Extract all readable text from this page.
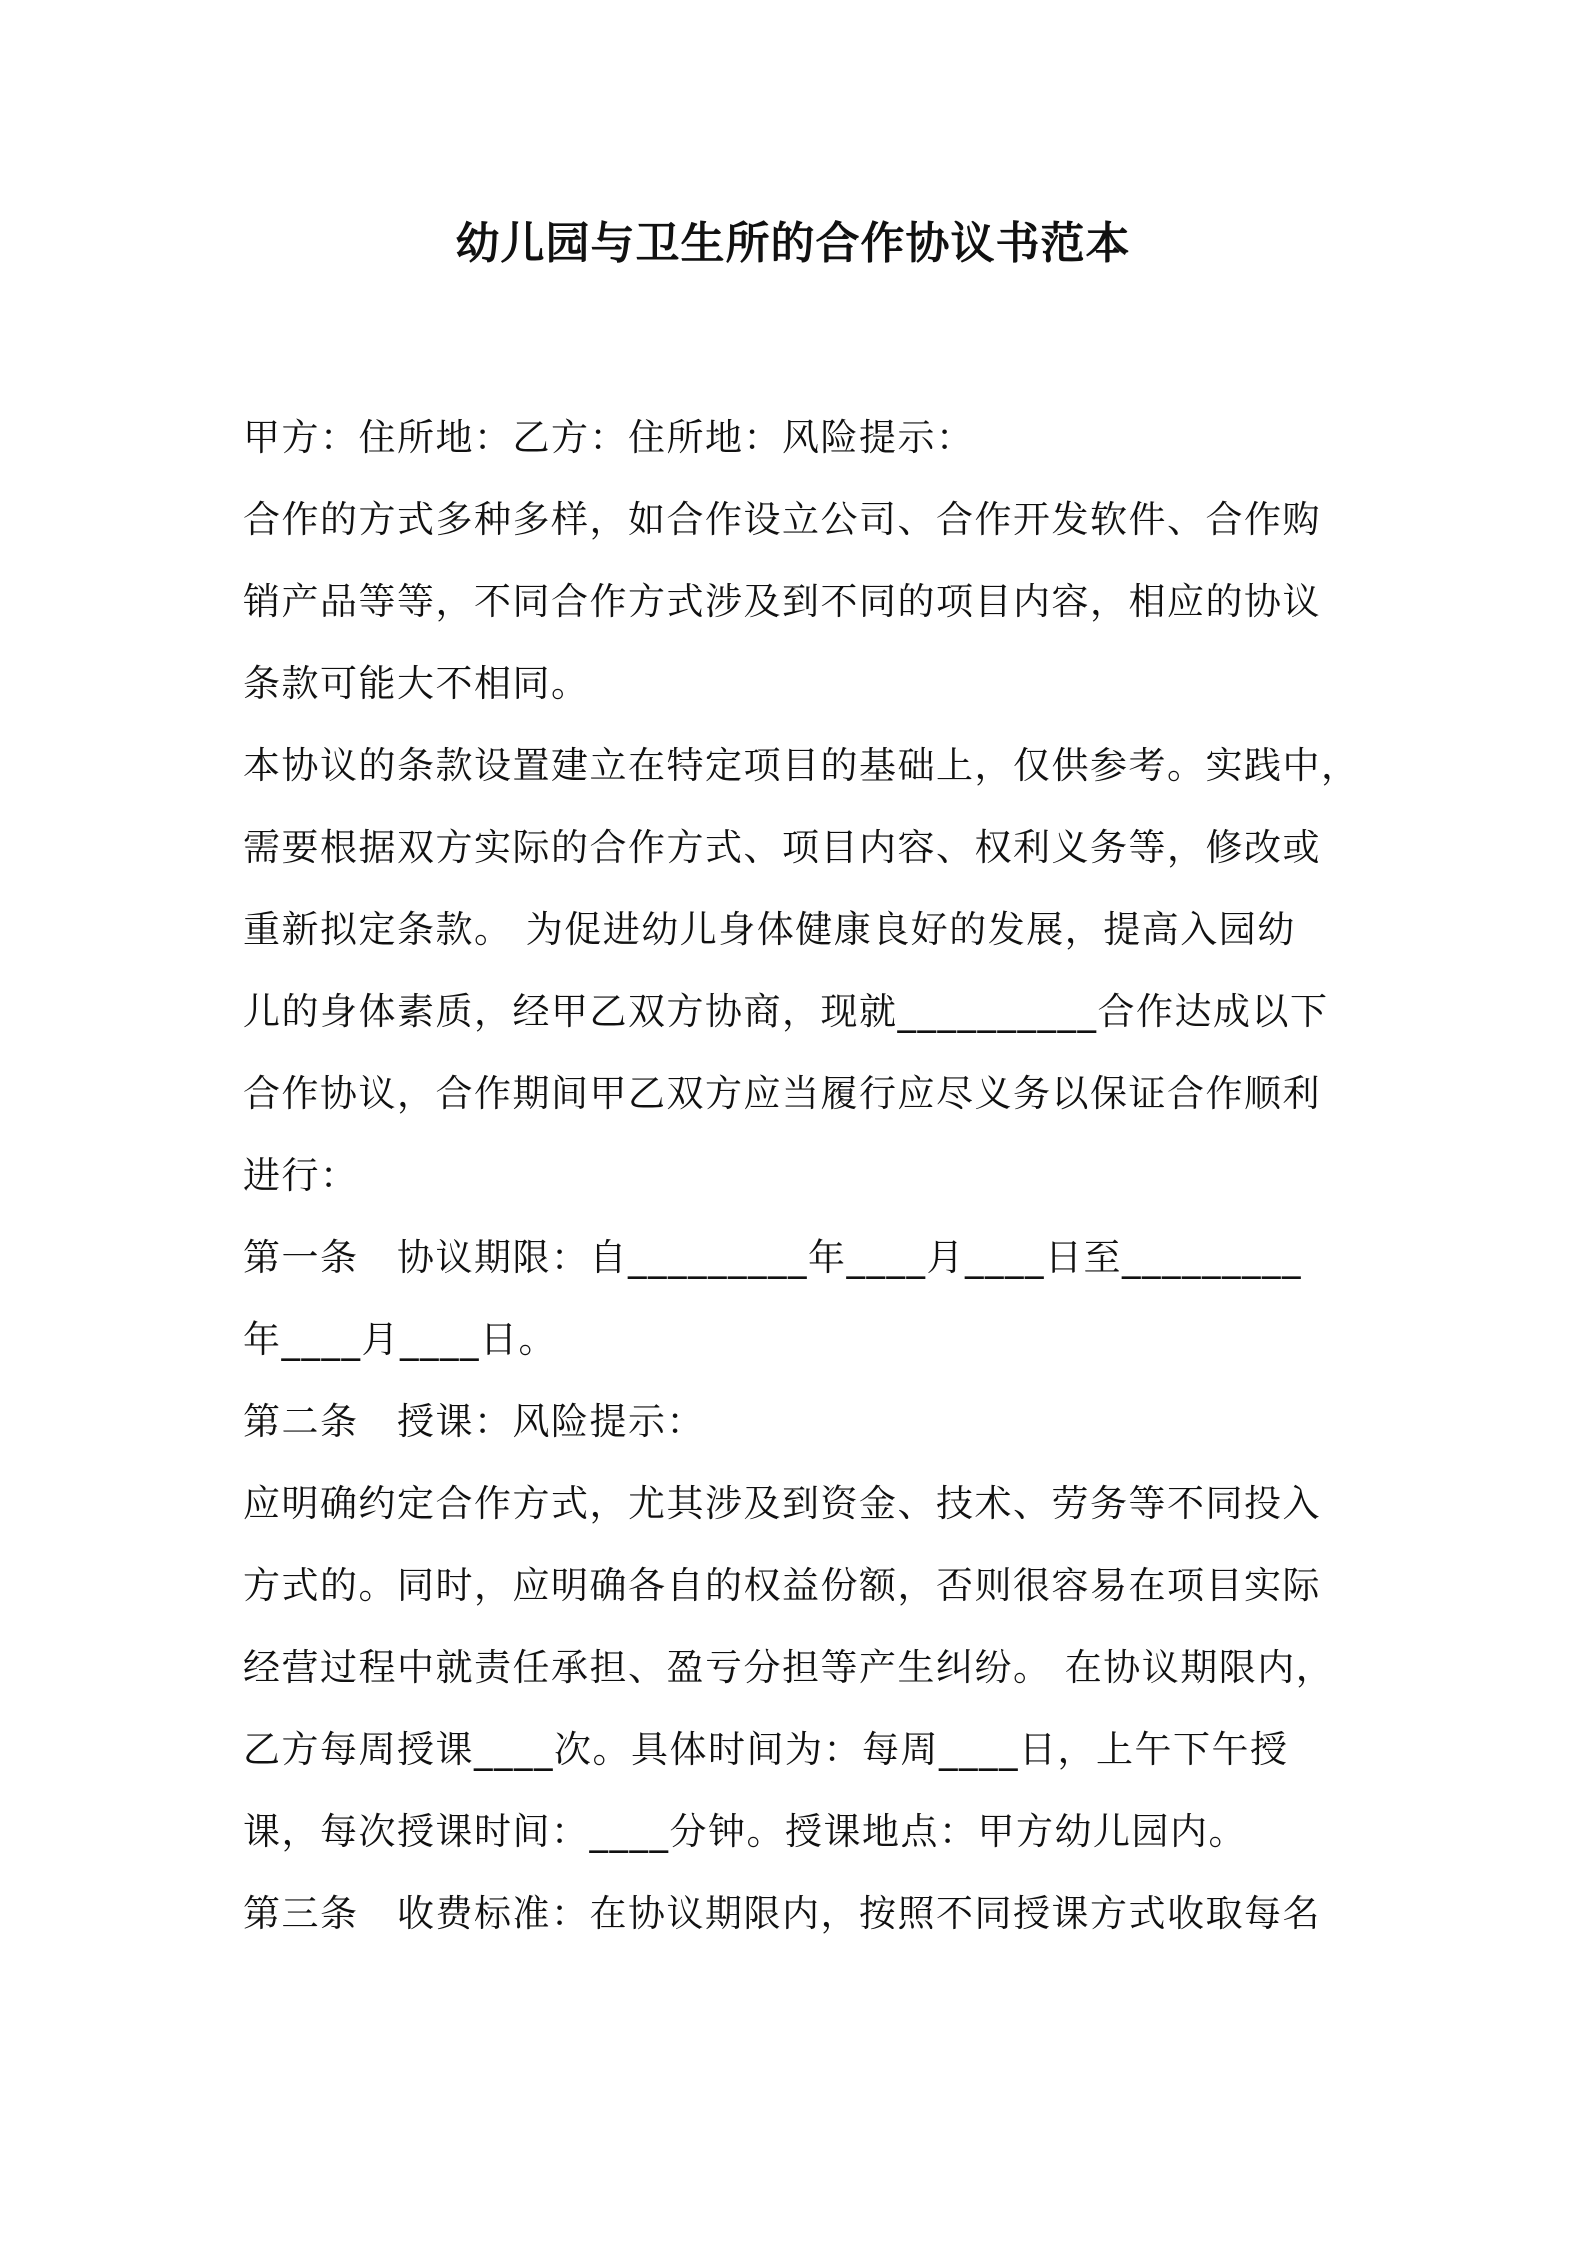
幼儿园与卫生所的合作协议书范本
甲方：住所地：乙方：住所地：风险提示：
合作的方式多种多样，如合作设立公司、合作开发软件、合作购
销产品等等，不同合作方式涉及到不同的项目内容，相应的协议
条款可能大不相同。
本协议的条款设置建立在特定项目的基础上，仅供参考。实践中，
需要根据双方实际的合作方式、项目内容、权利义务等，修改或
重新拟定条款。 为促进幼儿身体健康良好的发展，提高入园幼
儿的身体素质，经甲乙双方协商，现就__________合作达成以下
合作协议，合作期间甲乙双方应当履行应尽义务以保证合作顺利
进行：
第一条　协议期限：自_________年____月____日至_________
年____月____日。
第二条　授课：风险提示：
应明确约定合作方式，尤其涉及到资金、技术、劳务等不同投入
方式的。同时，应明确各自的权益份额，否则很容易在项目实际
经营过程中就责任承担、盈亏分担等产生纠纷。 在协议期限内，
乙方每周授课____次。具体时间为：每周____日，上午下午授
课，每次授课时间：____分钟。授课地点：甲方幼儿园内。
第三条　收费标准：在协议期限内，按照不同授课方式收取每名
